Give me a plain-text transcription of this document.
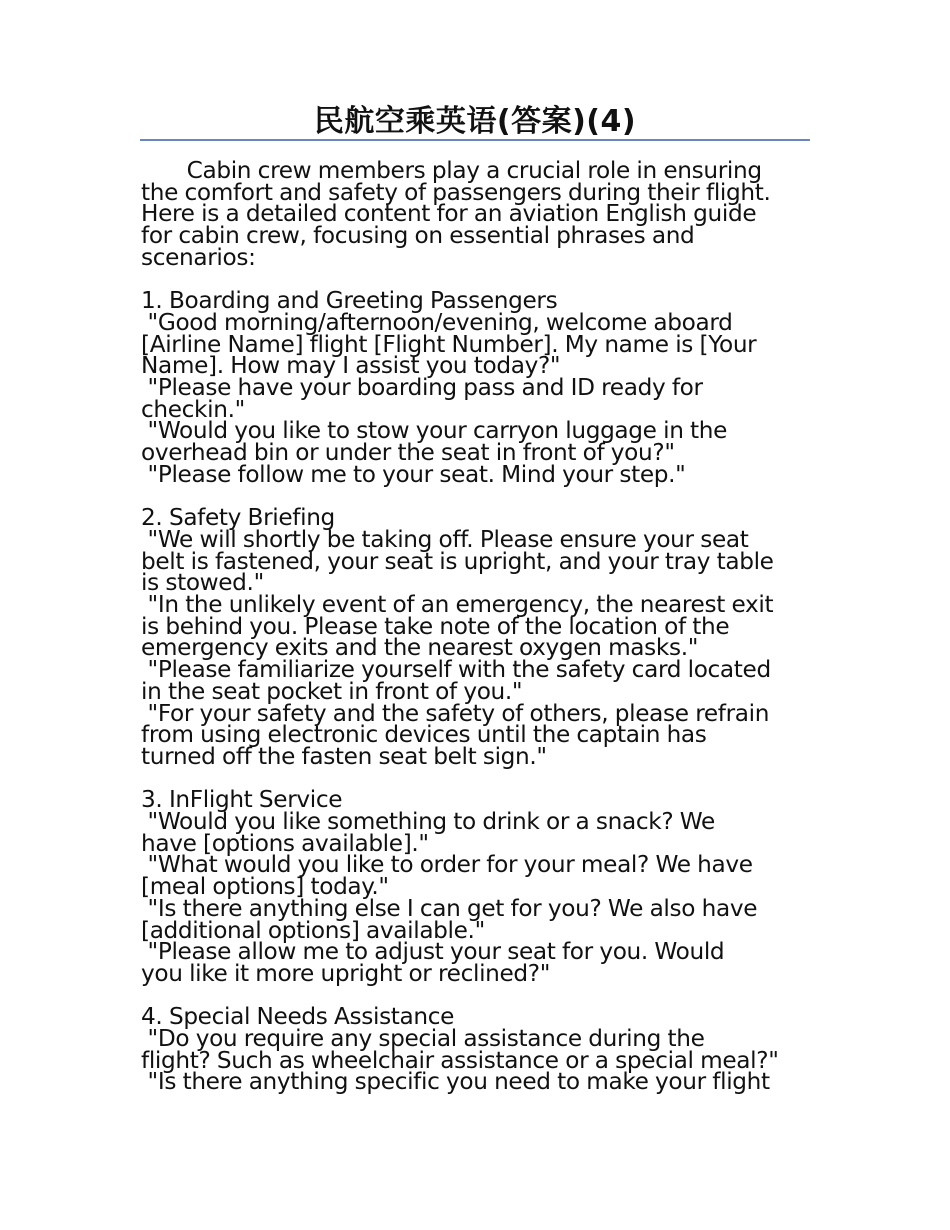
民航空乘英语(答案)(4)

Cabin crew members play a crucial role in ensuring

the comfort and safety of passengers during their flight.

Here is a detailed content for an aviation English guide

for cabin crew, focusing on essential phrases and

scenarios:

1. Boarding and Greeting Passengers

"Good morning/afternoon/evening, welcome aboard

[Airline Name] flight [Flight Number]. My name is [Your

Name]. How may I assist you today?"

"Please have your boarding pass and ID ready for

checkin."

"Would you like to stow your carryon luggage in the

overhead bin or under the seat in front of you?"

"Please follow me to your seat. Mind your step."

2. Safety Briefing

"We will shortly be taking off. Please ensure your seat

belt is fastened, your seat is upright, and your tray table

is stowed."

"In the unlikely event of an emergency, the nearest exit

is behind you. Please take note of the location of the

emergency exits and the nearest oxygen masks."

"Please familiarize yourself with the safety card located

in the seat pocket in front of you."

"For your safety and the safety of others, please refrain

from using electronic devices until the captain has

turned off the fasten seat belt sign."

3. InFlight Service

"Would you like something to drink or a snack? We

have [options available]."

"What would you like to order for your meal? We have

[meal options] today."

"Is there anything else I can get for you? We also have

[additional options] available."

"Please allow me to adjust your seat for you. Would

you like it more upright or reclined?"

4. Special Needs Assistance

"Do you require any special assistance during the

flight? Such as wheelchair assistance or a special meal?"

"Is there anything specific you need to make your flight
